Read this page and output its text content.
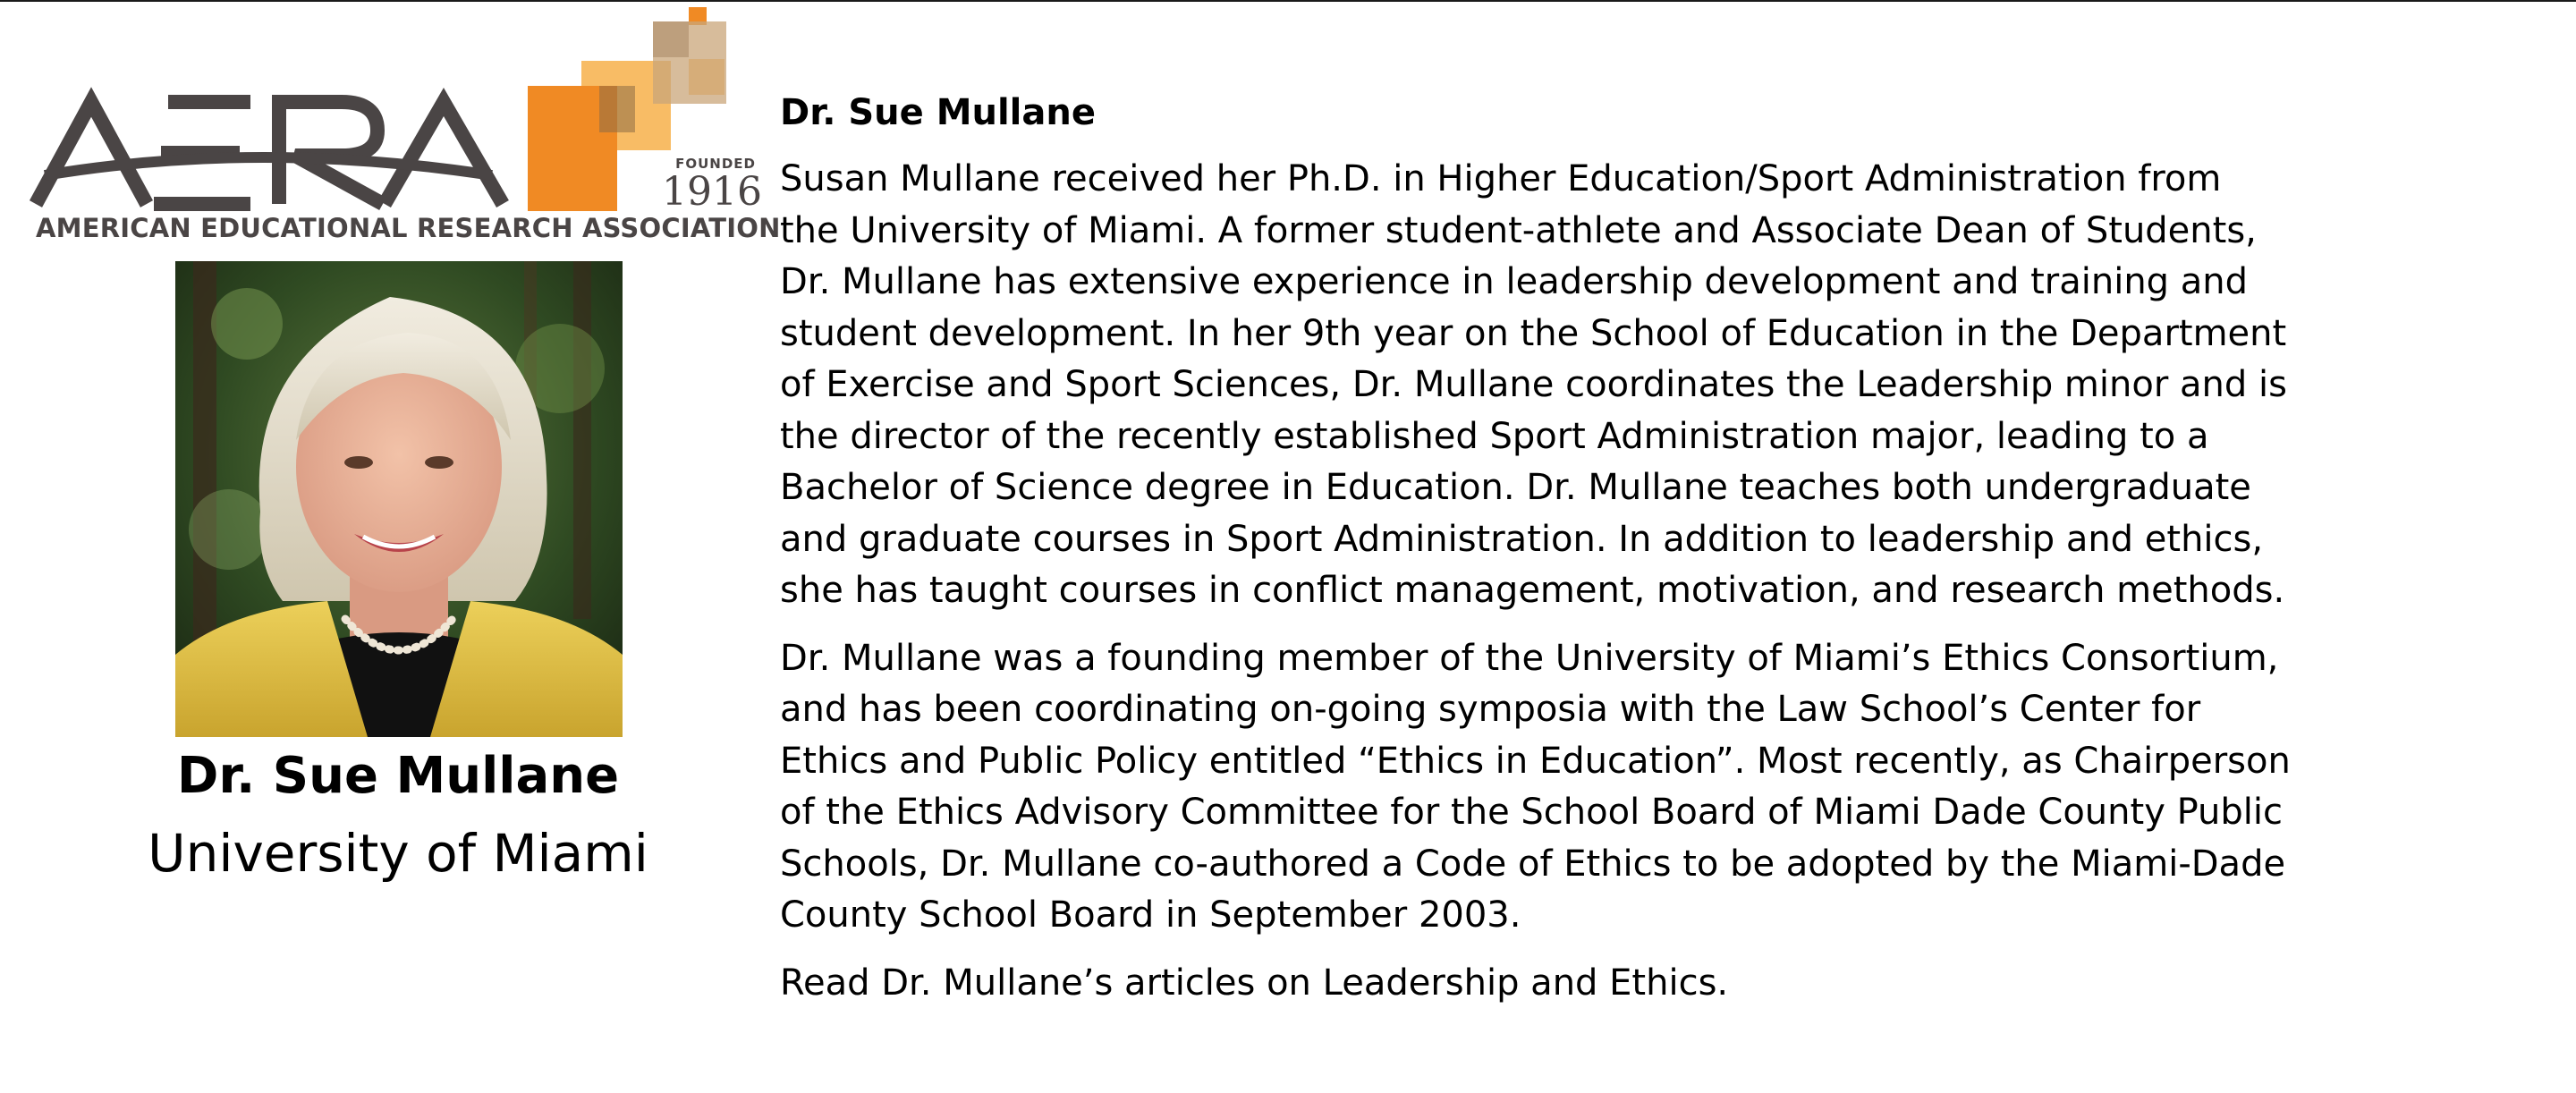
FOUNDED
1916
AMERICAN EDUCATIONAL RESEARCH ASSOCIATION
Dr. Sue Mullane
University of Miami
Dr. Sue Mullane
Susan Mullane received her Ph.D. in Higher Education/Sport Administration from
the University of Miami. A former student-athlete and Associate Dean of Students,
Dr. Mullane has extensive experience in leadership development and training and
student development. In her 9th year on the School of Education in the Department
of Exercise and Sport Sciences, Dr. Mullane coordinates the Leadership minor and is
the director of the recently established Sport Administration major, leading to a
Bachelor of Science degree in Education. Dr. Mullane teaches both undergraduate
and graduate courses in Sport Administration. In addition to leadership and ethics,
she has taught courses in conflict management, motivation, and research methods.
Dr. Mullane was a founding member of the University of Miami’s Ethics Consortium,
and has been coordinating on-going symposia with the Law School’s Center for
Ethics and Public Policy entitled “Ethics in Education”. Most recently, as Chairperson
of the Ethics Advisory Committee for the School Board of Miami Dade County Public
Schools, Dr. Mullane co-authored a Code of Ethics to be adopted by the Miami-Dade
County School Board in September 2003.
Read Dr. Mullane’s articles on Leadership and Ethics.
